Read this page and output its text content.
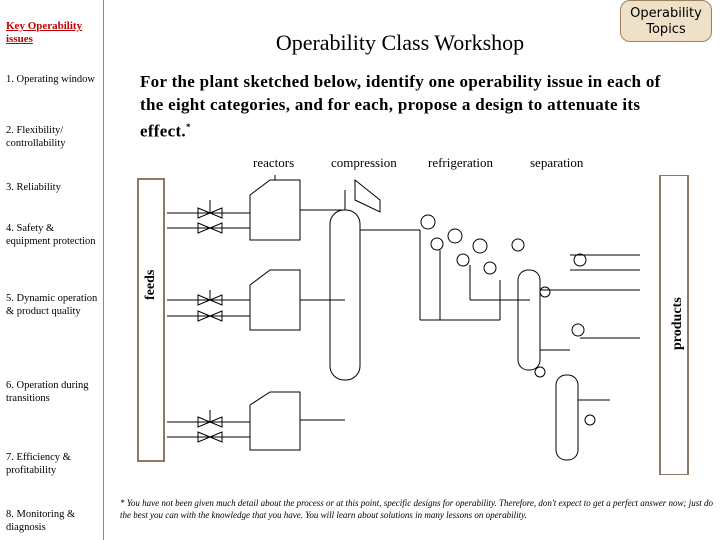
Key Operability issues
1. Operating window
2. Flexibility/ controllability
3. Reliability
4. Safety & equipment protection
5. Dynamic operation & product quality
6. Operation during transitions
7. Efficiency & profitability
8. Monitoring & diagnosis
Operability Topics
Operability Class Workshop
For the plant sketched below, identify one operability issue in each of the eight categories, and for each, propose a design to attenuate its effect.*
reactors	compression refrigeration	separation
feeds
products
* You have not been given much detail about the process or at this point, specific designs for operability. Therefore, don't expect to get a perfect answer now; just do the best you can with the knowledge that you have. You will learn about solutions in many lessons on operability.
